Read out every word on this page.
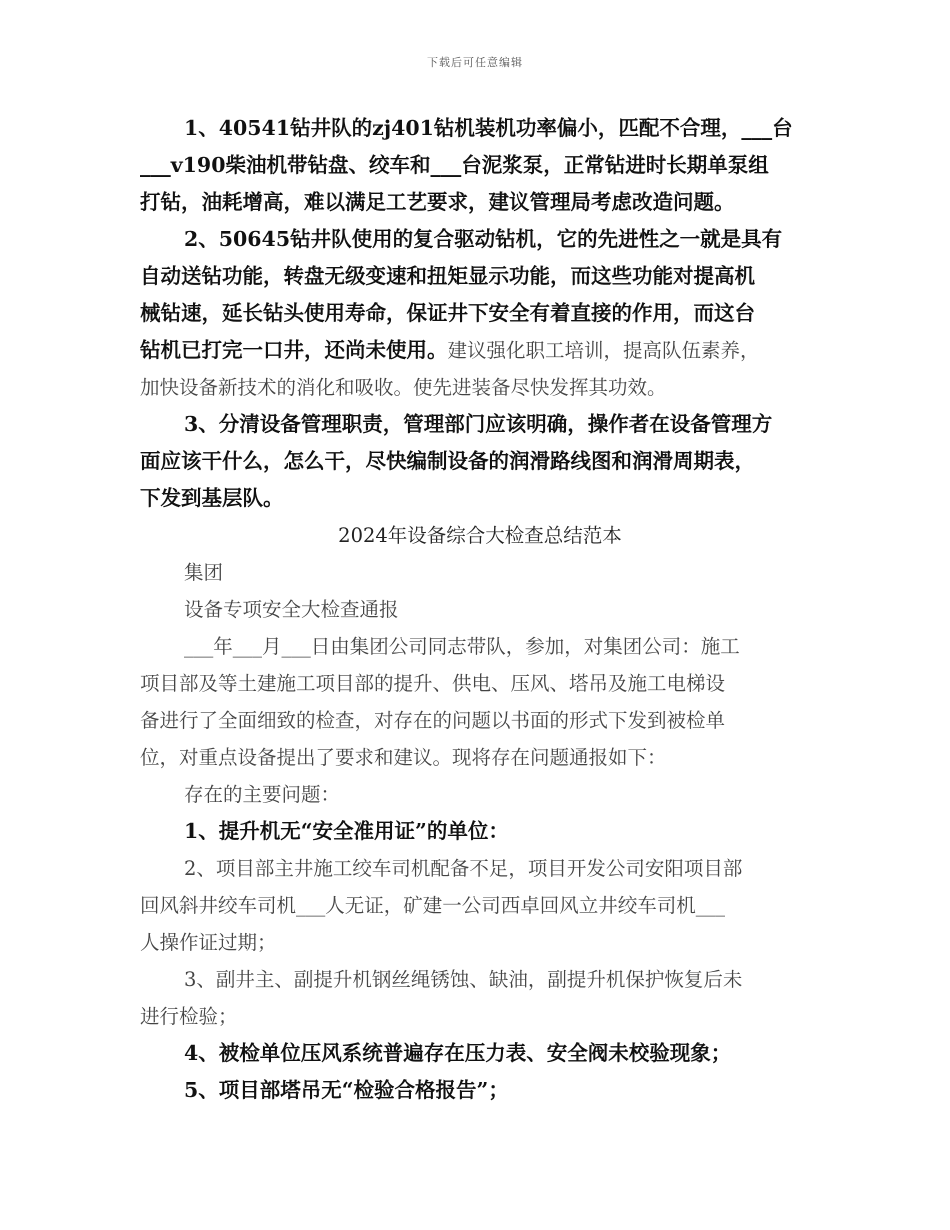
下载后可任意编辑
1、40541钻井队的zj401钻机装机功率偏小，匹配不合理，___台
___v190柴油机带钻盘、绞车和___台泥浆泵，正常钻进时长期单泵组
打钻，油耗增高，难以满足工艺要求，建议管理局考虑改造问题。
2、50645钻井队使用的复合驱动钻机，它的先进性之一就是具有
自动送钻功能，转盘无级变速和扭矩显示功能，而这些功能对提高机
械钻速，延长钻头使用寿命，保证井下安全有着直接的作用，而这台
钻机已打完一口井，还尚未使用。建议强化职工培训，提高队伍素养，
加快设备新技术的消化和吸收。使先进装备尽快发挥其功效。
3、分清设备管理职责，管理部门应该明确，操作者在设备管理方
面应该干什么，怎么干，尽快编制设备的润滑路线图和润滑周期表，
下发到基层队。
2024年设备综合大检查总结范本
集团
设备专项安全大检查通报
___年___月___日由集团公司同志带队，参加，对集团公司：施工
项目部及等土建施工项目部的提升、供电、压风、塔吊及施工电梯设
备进行了全面细致的检查，对存在的问题以书面的形式下发到被检单
位，对重点设备提出了要求和建议。现将存在问题通报如下：
存在的主要问题：
1、提升机无“安全准用证”的单位：
2、项目部主井施工绞车司机配备不足，项目开发公司安阳项目部
回风斜井绞车司机___人无证，矿建一公司西卓回风立井绞车司机___
人操作证过期；
3、副井主、副提升机钢丝绳锈蚀、缺油，副提升机保护恢复后未
进行检验；
4、被检单位压风系统普遍存在压力表、安全阀未校验现象；
5、项目部塔吊无“检验合格报告”；
